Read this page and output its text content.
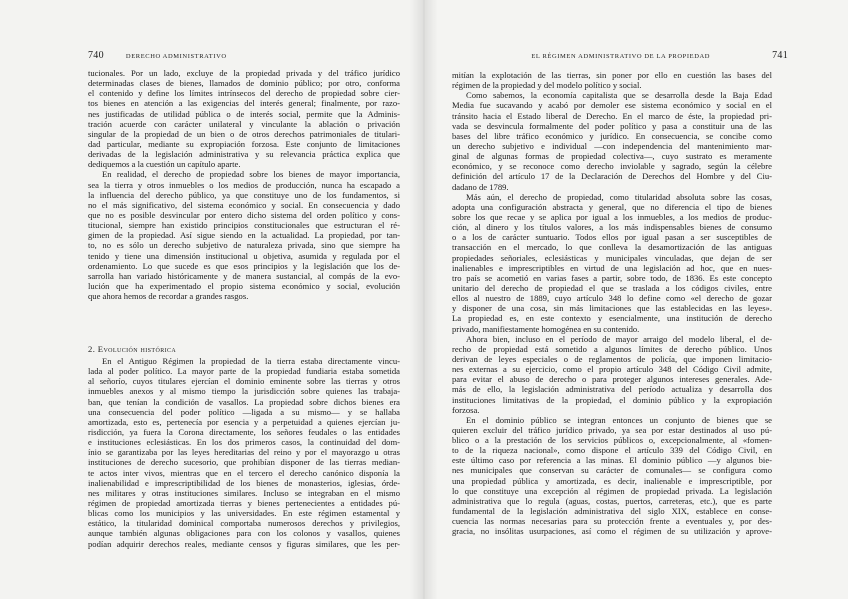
740	DERECHO ADMINISTRATIVO
tucionales. Por un lado, excluye de la propiedad privada y del tráfico jurídico
determinadas clases de bienes, llamados de dominio público; por otro, conforma
el contenido y define los límites intrínsecos del derecho de propiedad sobre cier-
tos bienes en atención a las exigencias del interés general; finalmente, por razo-
nes justificadas de utilidad pública o de interés social, permite que la Adminis-
tración acuerde con carácter unilateral y vinculante la ablación o privación
singular de la propiedad de un bien o de otros derechos patrimoniales de titulari-
dad particular, mediante su expropiación forzosa. Este conjunto de limitaciones
derivadas de la legislación administrativa y su relevancia práctica explica que
dediquemos a la cuestión un capítulo aparte.
En realidad, el derecho de propiedad sobre los bienes de mayor importancia,
sea la tierra y otros inmuebles o los medios de producción, nunca ha escapado a
la influencia del derecho público, ya que constituye uno de los fundamentos, si
no el más significativo, del sistema económico y social. En consecuencia y dado
que no es posible desvincular por entero dicho sistema del orden político y cons-
titucional, siempre han existido principios constitucionales que estructuran el ré-
gimen de la propiedad. Así sigue siendo en la actualidad. La propiedad, por tan-
to, no es sólo un derecho subjetivo de naturaleza privada, sino que siempre ha
tenido y tiene una dimensión institucional u objetiva, asumida y regulada por el
ordenamiento. Lo que sucede es que esos principios y la legislación que los de-
sarrolla han variado históricamente y de manera sustancial, al compás de la evo-
lución que ha experimentado el propio sistema económico y social, evolución
que ahora hemos de recordar a grandes rasgos.
2. Evolución histórica
En el Antiguo Régimen la propiedad de la tierra estaba directamente vincu-
lada al poder político. La mayor parte de la propiedad fundiaria estaba sometida
al señorío, cuyos titulares ejercían el dominio eminente sobre las tierras y otros
inmuebles anexos y al mismo tiempo la jurisdicción sobre quienes las trabaja-
ban, que tenían la condición de vasallos. La propiedad sobre dichos bienes era
una consecuencia del poder político —ligada a su mismo— y se hallaba
amortizada, esto es, pertenecía por esencia y a perpetuidad a quienes ejercían ju-
risdicción, ya fuera la Corona directamente, los señores feudales o las entidades
e instituciones eclesiásticas. En los dos primeros casos, la continuidad del dom-
ínio se garantizaba por las leyes hereditarias del reino y por el mayorazgo u otras
instituciones de derecho sucesorio, que prohibían disponer de las tierras median-
te actos inter vivos, mientras que en el tercero el derecho canónico disponía la
inalienabilidad e imprescriptibilidad de los bienes de monasterios, iglesias, órde-
nes militares y otras instituciones similares. Incluso se integraban en el mismo
régimen de propiedad amortizada tierras y bienes pertenecientes a entidades pú-
blicas como los municipios y las universidades. En este régimen estamental y
estático, la titularidad dominical comportaba numerosos derechos y privilegios,
aunque también algunas obligaciones para con los colonos y vasallos, quienes
podían adquirir derechos reales, mediante censos y figuras similares, que les per-
EL RÉGIMEN ADMINISTRATIVO DE LA PROPIEDAD	741
mitían la explotación de las tierras, sin poner por ello en cuestión las bases del
régimen de la propiedad y del modelo político y social.
Como sabemos, la economía capitalista que se desarrolla desde la Baja Edad
Media fue sucavando y acabó por demoler ese sistema económico y social en el
tránsito hacia el Estado liberal de Derecho. En el marco de éste, la propiedad pri-
vada se desvincula formalmente del poder político y pasa a constituir una de las
bases del libre tráfico económico y jurídico. En consecuencia, se concibe como
un derecho subjetivo e individual —con independencia del mantenimiento mar-
ginal de algunas formas de propiedad colectiva—, cuyo sustrato es meramente
económico, y se reconoce como derecho inviolable y sagrado, según la célebre
definición del artículo 17 de la Declaración de Derechos del Hombre y del Ciu-
dadano de 1789.
Más aún, el derecho de propiedad, como titularidad absoluta sobre las cosas,
adopta una configuración abstracta y general, que no diferencia el tipo de bienes
sobre los que recae y se aplica por igual a los inmuebles, a los medios de produc-
ción, al dinero y los títulos valores, a los más indispensables bienes de consumo
o a los de carácter suntuario. Todos ellos por igual pasan a ser susceptibles de
transacción en el mercado, lo que conlleva la desamortización de las antiguas
propiedades señoriales, eclesiásticas y municipales vinculadas, que dejan de ser
inalienables e imprescriptibles en virtud de una legislación ad hoc, que en nues-
tro país se acometió en varias fases a partir, sobre todo, de 1836. Es este concepto
unitario del derecho de propiedad el que se traslada a los códigos civiles, entre
ellos al nuestro de 1889, cuyo artículo 348 lo define como «el derecho de gozar
y disponer de una cosa, sin más limitaciones que las establecidas en las leyes».
La propiedad es, en este contexto y esencialmente, una institución de derecho
privado, manifiestamente homogénea en su contenido.
Ahora bien, incluso en el período de mayor arraigo del modelo liberal, el de-
recho de propiedad está sometido a algunos límites de derecho público. Unos
derivan de leyes especiales o de reglamentos de policía, que imponen limitacio-
nes externas a su ejercicio, como el propio artículo 348 del Código Civil admite,
para evitar el abuso de derecho o para proteger algunos intereses generales. Ade-
más de ello, la legislación administrativa del período actualiza y desarrolla dos
instituciones limitativas de la propiedad, el dominio público y la expropiación
forzosa.
En el dominio público se integran entonces un conjunto de bienes que se
quieren excluir del tráfico jurídico privado, ya sea por estar destinados al uso pú-
blico o a la prestación de los servicios públicos o, excepcionalmente, al «fomen-
to de la riqueza nacional», como dispone el artículo 339 del Código Civil, en
este último caso por referencia a las minas. El dominio público —y algunos bie-
nes municipales que conservan su carácter de comunales— se configura como
una propiedad pública y amortizada, es decir, inalienable e imprescriptible, por
lo que constituye una excepción al régimen de propiedad privada. La legislación
administrativa que lo regula (aguas, costas, puertos, carreteras, etc.), que es parte
fundamental de la legislación administrativa del siglo XIX, establece en conse-
cuencia las normas necesarias para su protección frente a eventuales y, por des-
gracia, no insólitas usurpaciones, así como el régimen de su utilización y aprove-
